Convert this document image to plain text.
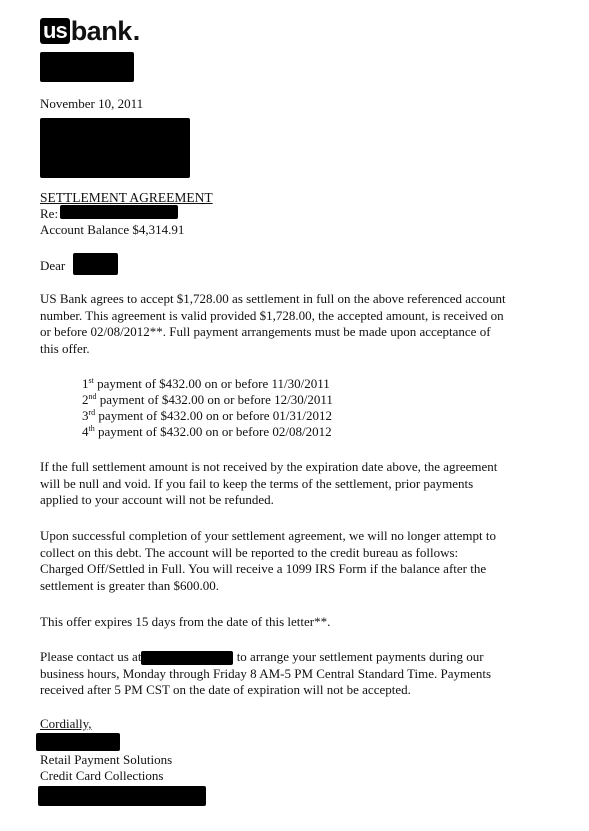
us bank .
November 10, 2011
SETTLEMENT AGREEMENT
Re:
Account Balance $4,314.91
Dear
US Bank agrees to accept $1,728.00 as settlement in full on the above referenced account
number. This agreement is valid provided $1,728.00, the accepted amount, is received on
or before 02/08/2012**. Full payment arrangements must be made upon acceptance of
this offer.
1st payment of $432.00 on or before 11/30/2011
2nd payment of $432.00 on or before 12/30/2011
3rd payment of $432.00 on or before 01/31/2012
4th payment of $432.00 on or before 02/08/2012
If the full settlement amount is not received by the expiration date above, the agreement
will be null and void. If you fail to keep the terms of the settlement, prior payments
applied to your account will not be refunded.
Upon successful completion of your settlement agreement, we will no longer attempt to
collect on this debt. The account will be reported to the credit bureau as follows:
Charged Off/Settled in Full. You will receive a 1099 IRS Form if the balance after the
settlement is greater than $600.00.
This offer expires 15 days from the date of this letter**.
Please contact us at	to arrange your settlement payments during our
business hours, Monday through Friday 8 AM-5 PM Central Standard Time. Payments
received after 5 PM CST on the date of expiration will not be accepted.
Cordially,
Retail Payment Solutions
Credit Card Collections
